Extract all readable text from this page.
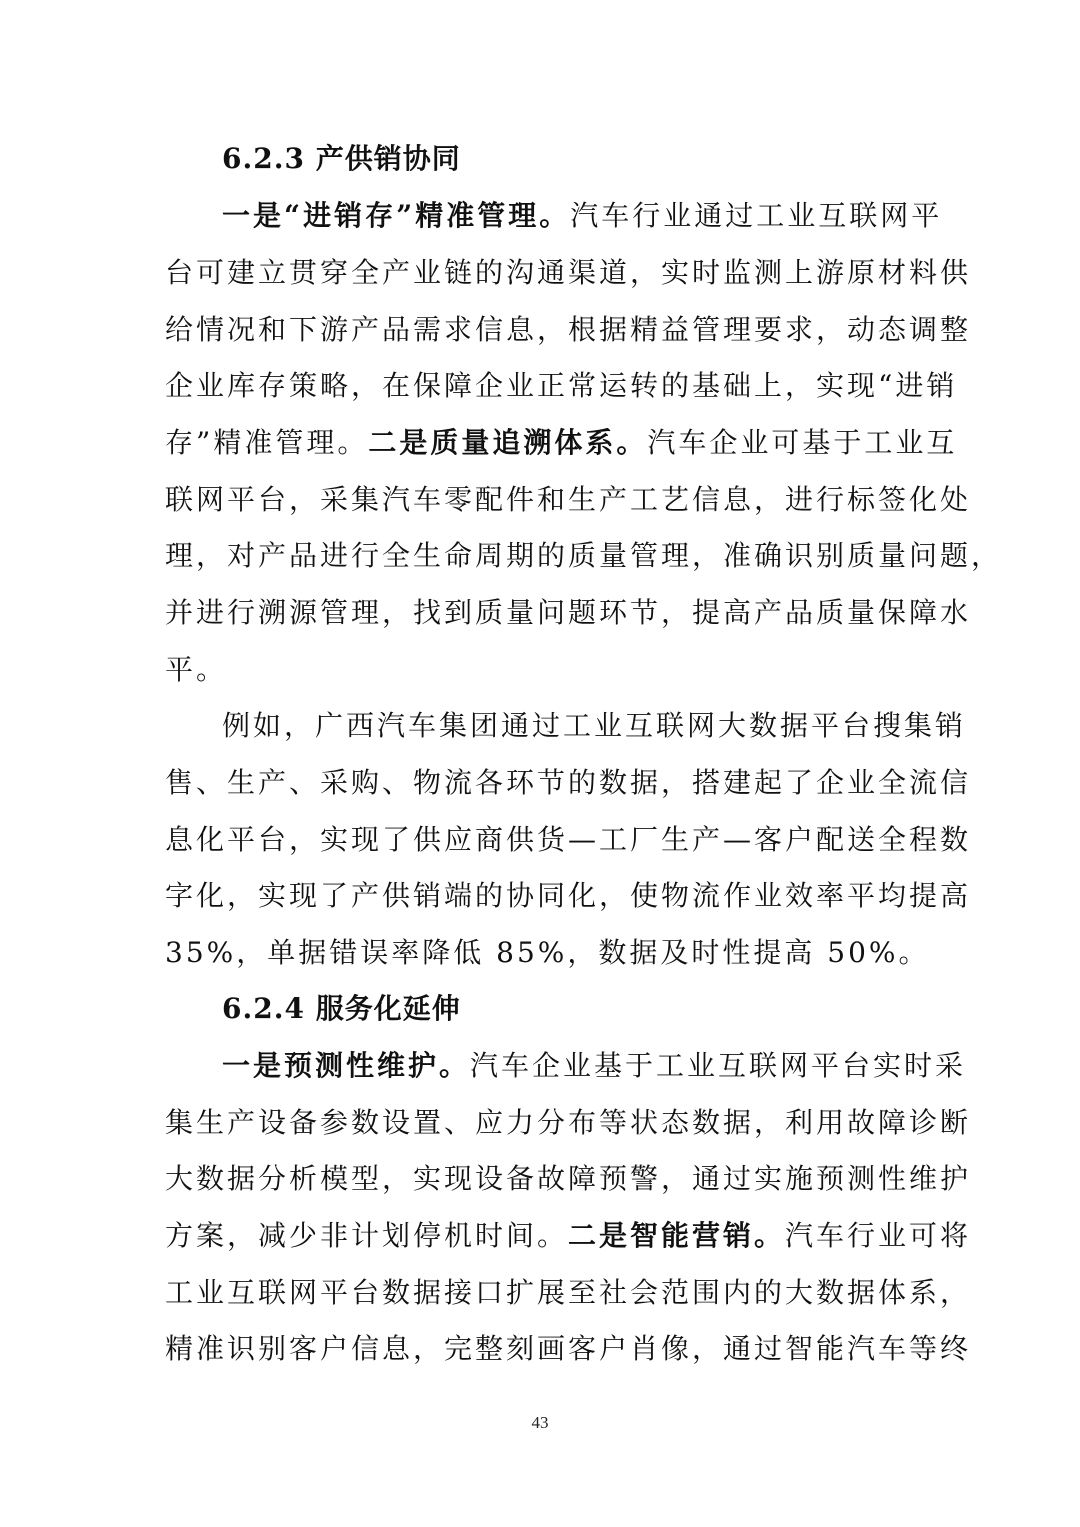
6.2.3 产供销协同
一是“进销存”精准管理。汽车行业通过工业互联网平
台可建立贯穿全产业链的沟通渠道，实时监测上游原材料供
给情况和下游产品需求信息，根据精益管理要求，动态调整
企业库存策略，在保障企业正常运转的基础上，实现“进销
存”精准管理。二是质量追溯体系。汽车企业可基于工业互
联网平台，采集汽车零配件和生产工艺信息，进行标签化处
理，对产品进行全生命周期的质量管理，准确识别质量问题，
并进行溯源管理，找到质量问题环节，提高产品质量保障水
平。
例如，广西汽车集团通过工业互联网大数据平台搜集销
售、生产、采购、物流各环节的数据，搭建起了企业全流信
息化平台，实现了供应商供货—工厂生产—客户配送全程数
字化，实现了产供销端的协同化，使物流作业效率平均提高
35%，单据错误率降低 85%，数据及时性提高 50%。
6.2.4 服务化延伸
一是预测性维护。汽车企业基于工业互联网平台实时采
集生产设备参数设置、应力分布等状态数据，利用故障诊断
大数据分析模型，实现设备故障预警，通过实施预测性维护
方案，减少非计划停机时间。二是智能营销。汽车行业可将
工业互联网平台数据接口扩展至社会范围内的大数据体系，
精准识别客户信息，完整刻画客户肖像，通过智能汽车等终
43
